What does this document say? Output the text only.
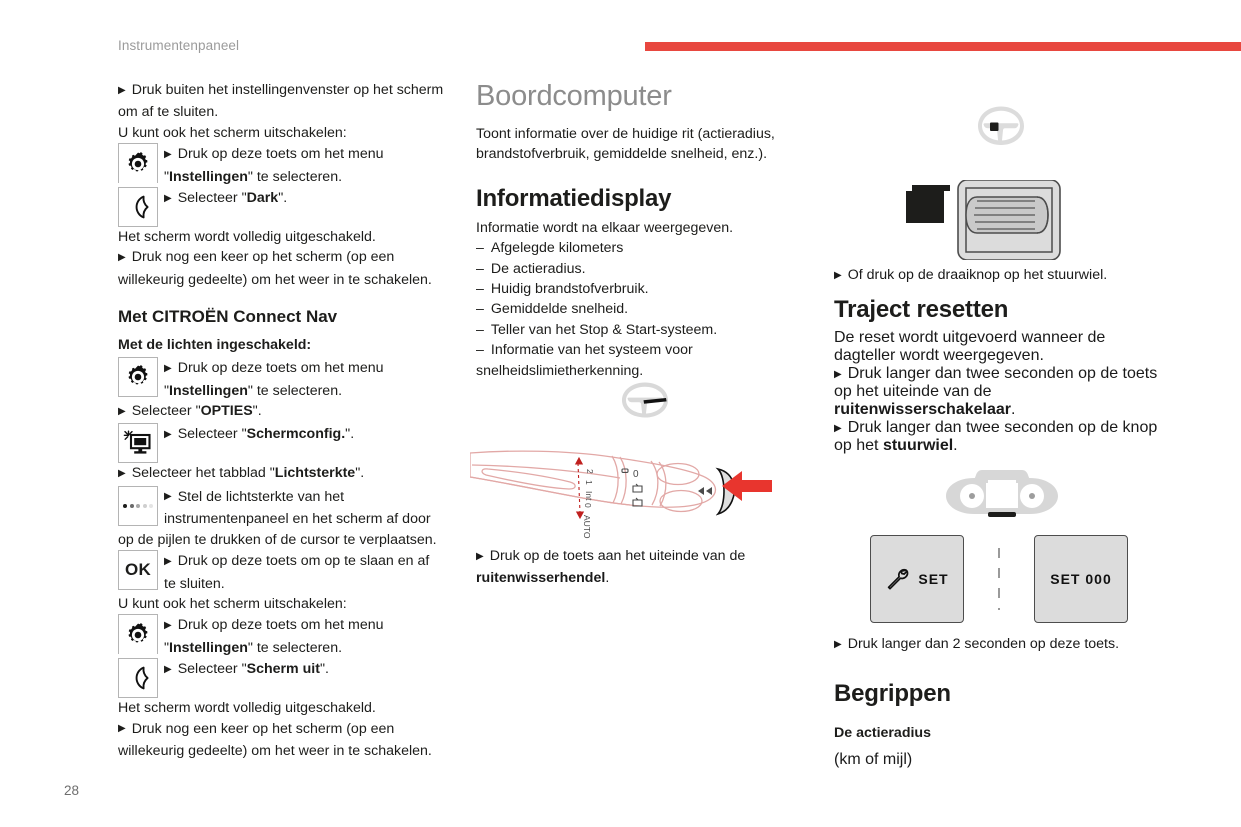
Instrumentenpaneel
28

▶ Druk buiten het instellingenvenster op het scherm om af te sluiten.

U kunt ook het scherm uitschakelen:

▶ Druk op deze toets om het menu
"Instellingen" te selecteren.
▶ Selecteer "Dark".

Het scherm wordt volledig uitgeschakeld.

▶ Druk nog een keer op het scherm (op een willekeurig gedeelte) om het weer in te schakelen.

Met CITROËN Connect Nav
Met de lichten ingeschakeld:
▶ Druk op deze toets om het menu
"Instellingen" te selecteren.

▶ Selecteer "OPTIES".

▶ Selecteer "Schermconfig.".

▶ Selecteer het tabblad "Lichtsterkte".

▶ Stel de lichtsterkte van het
instrumentenpaneel en het scherm af door

op de pijlen te drukken of de cursor te verplaatsen.

OK	▶ Druk op deze toets om op te slaan en af
te sluiten.

U kunt ook het scherm uitschakelen:

▶ Druk op deze toets om het menu
"Instellingen" te selecteren.
▶ Selecteer "Scherm uit".

Het scherm wordt volledig uitgeschakeld.

▶ Druk nog een keer op het scherm (op een willekeurig gedeelte) om het weer in te schakelen.

Boordcomputer

Toont informatie over de huidige rit (actieradius, brandstofverbruik, gemiddelde snelheid, enz.).

Informatiedisplay

Informatie wordt na elkaar weergegeven.

– Afgelegde kilometers

– De actieradius.

– Huidig brandstofverbruik.

– Gemiddelde snelheid.

– Teller van het Stop & Start-systeem.

– Informatie van het systeem voor

snelheidslimietherkenning.

2
1
Int
0
AUTO
0
▶ Druk op de toets aan het uiteinde van de
ruitenwisserhendel.
▶ Of druk op de draaiknop op het stuurwiel.
Traject resetten

De reset wordt uitgevoerd wanneer de dagteller wordt weergegeven.

▶ Druk langer dan twee seconden op de toets op het uiteinde van de ruitenwisserschakelaar.

▶ Druk langer dan twee seconden op de knop op het stuurwiel.

SET	SET 000
▶ Druk langer dan 2 seconden op deze toets.
Begrippen
De actieradius

(km of mijl)
